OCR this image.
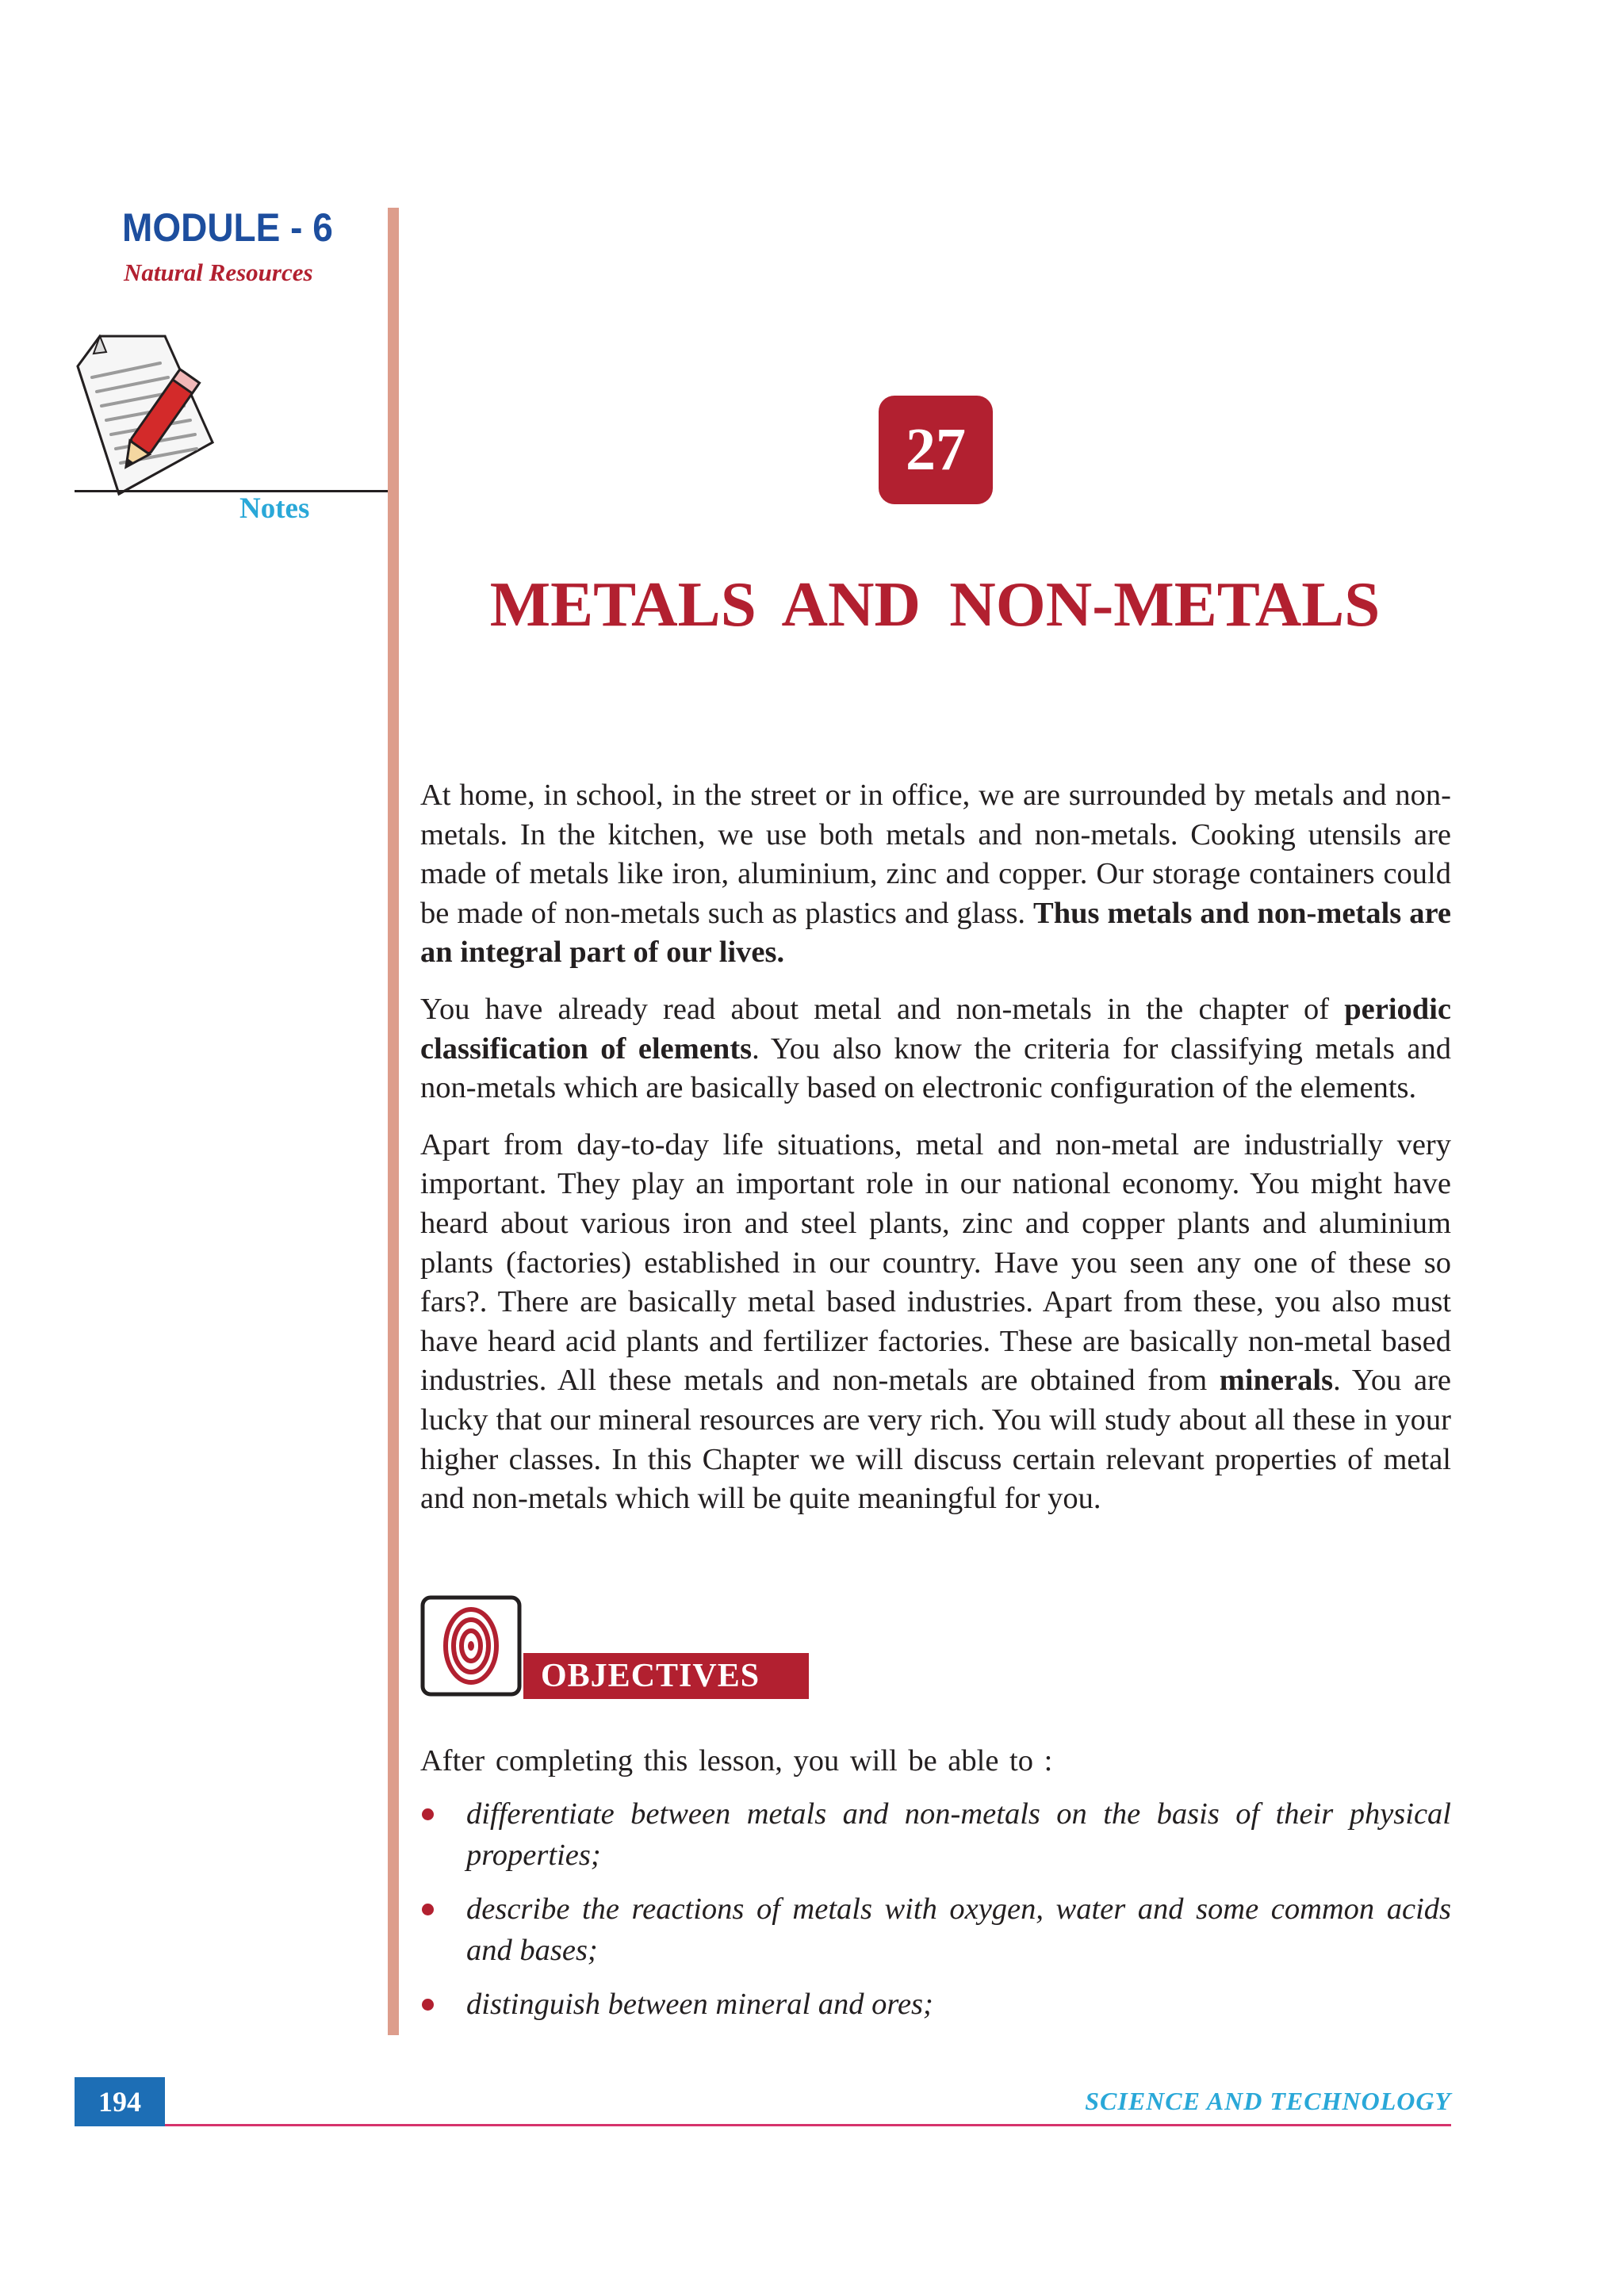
MODULE - 6
Natural Resources
Notes
27
METALS AND NON-METALS

At home, in school, in the street or in office, we are surrounded by metals and non- metals. In the kitchen, we use both metals and non-metals. Cooking utensils are made of metals like iron, aluminium, zinc and copper. Our storage containers could be made of non-metals such as plastics and glass. Thus metals and non-metals are an integral part of our lives.

You have already read about metal and non-metals in the chapter of periodic classification of elements. You also know the criteria for classifying metals and non-metals which are basically based on electronic configuration of the elements.

Apart from day-to-day life situations, metal and non-metal are industrially very important. They play an important role in our national economy. You might have heard about various iron and steel plants, zinc and copper plants and aluminium plants (factories) established in our country. Have you seen any one of these so fars?. There are basically metal based industries. Apart from these, you also must have heard acid plants and fertilizer factories. These are basically non-metal based industries. All these metals and non-metals are obtained from minerals. You are lucky that our mineral resources are very rich. You will study about all these in your higher classes. In this Chapter we will discuss certain relevant properties of metal and non-metals which will be quite meaningful for you.

OBJECTIVES
After completing this lesson, you will be able to :
differentiate between metals and non-metals on the basis of their physical properties;
describe the reactions of metals with oxygen, water and some common acids and bases;
distinguish between mineral and ores;
194	SCIENCE AND TECHNOLOGY
